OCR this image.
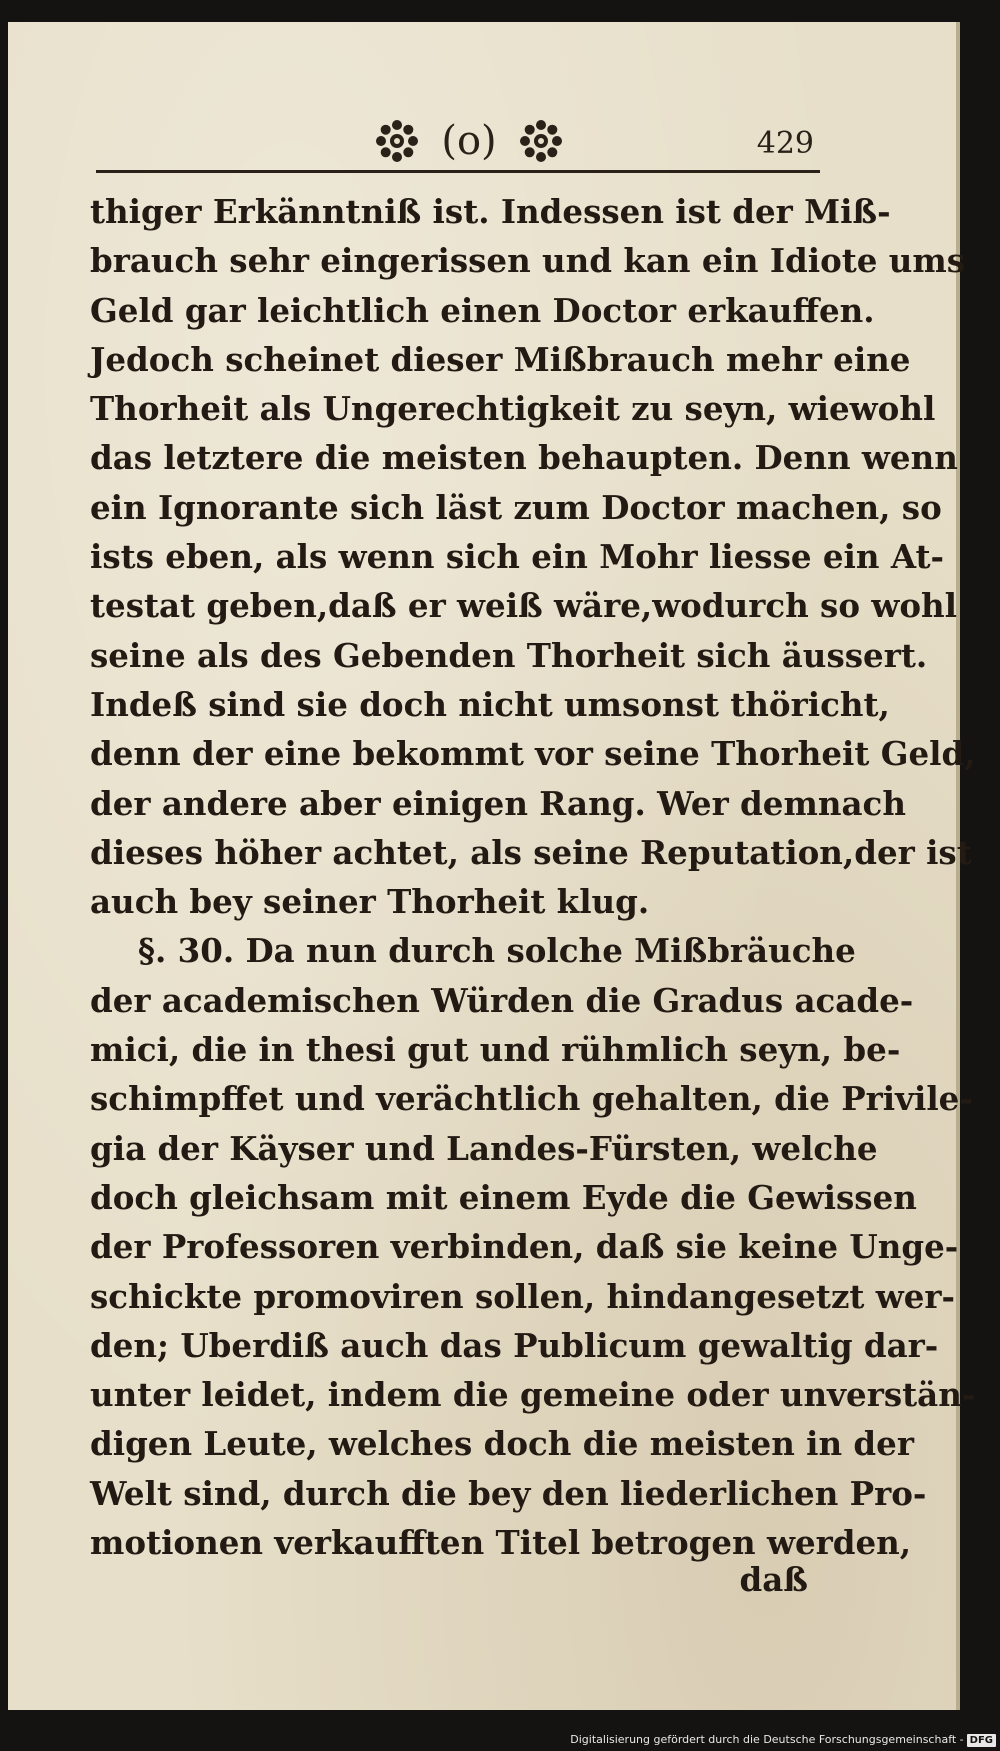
(o)	429
thiger Erkänntniß ist. Indessen ist der Miß-
brauch sehr eingerissen und kan ein Idiote ums
Geld gar leichtlich einen Doctor erkauffen.
Jedoch scheinet dieser Mißbrauch mehr eine
Thorheit als Ungerechtigkeit zu seyn, wiewohl
das letztere die meisten behaupten. Denn wenn
ein Ignorante sich läst zum Doctor machen, so
ists eben, als wenn sich ein Mohr liesse ein At-
testat geben,daß er weiß wäre,wodurch so wohl
seine als des Gebenden Thorheit sich äussert.
Indeß sind sie doch nicht umsonst thöricht,
denn der eine bekommt vor seine Thorheit Geld,
der andere aber einigen Rang. Wer demnach
dieses höher achtet, als seine Reputation,der ist
auch bey seiner Thorheit klug.
§. 30. Da nun durch solche Mißbräuche
der academischen Würden die Gradus acade-
mici, die in thesi gut und rühmlich seyn, be-
schimpffet und verächtlich gehalten, die Privile-
gia der Käyser und Landes-Fürsten, welche
doch gleichsam mit einem Eyde die Gewissen
der Professoren verbinden, daß sie keine Unge-
schickte promoviren sollen, hindangesetzt wer-
den; Uberdiß auch das Publicum gewaltig dar-
unter leidet, indem die gemeine oder unverstän-
digen Leute, welches doch die meisten in der
Welt sind, durch die bey den liederlichen Pro-
motionen verkaufften Titel betrogen werden,
daß
Digitalisierung gefördert durch die Deutsche Forschungsgemeinschaft - DFG
